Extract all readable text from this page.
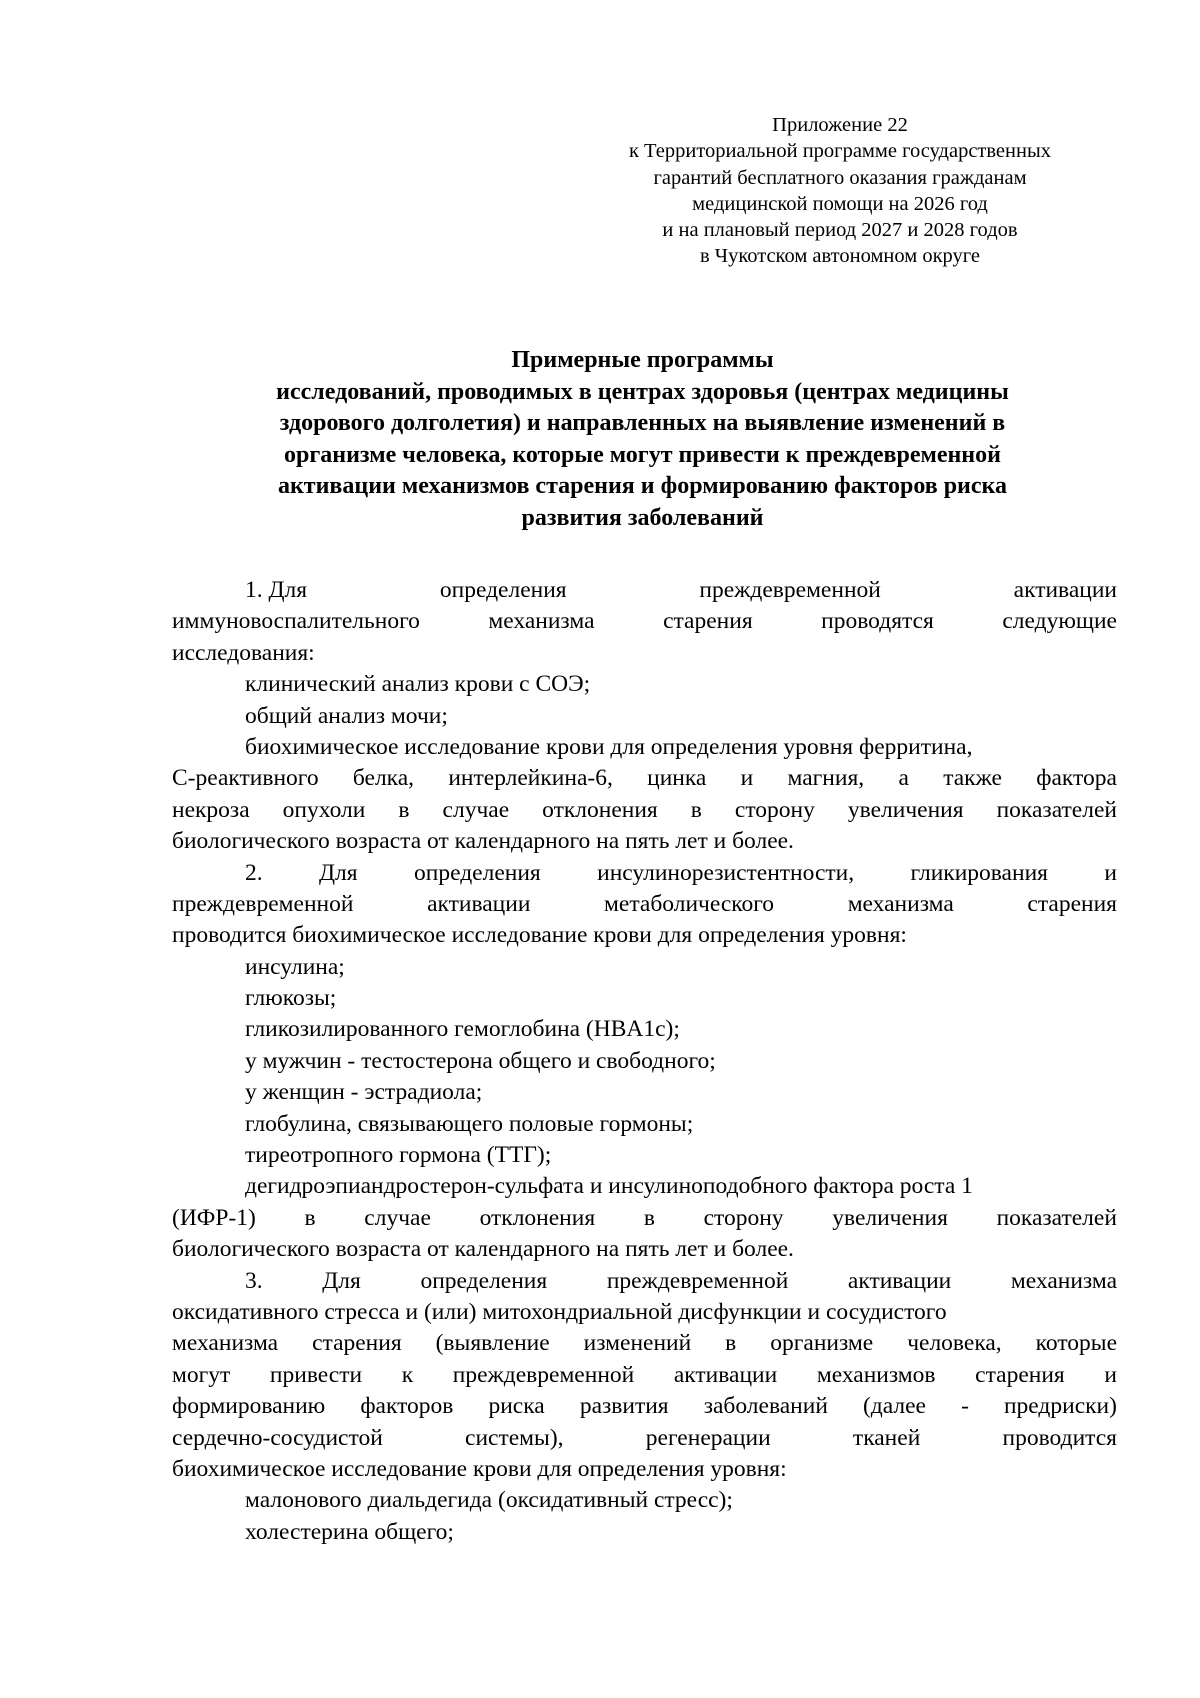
Приложение 22
к Территориальной программе государственных
гарантий бесплатного оказания гражданам
медицинской помощи на 2026 год
и на плановый период 2027 и 2028 годов
в Чукотском автономном округе
Примерные программы
исследований, проводимых в центрах здоровья (центрах медицины
здорового долголетия) и направленных на выявление изменений в
организме человека, которые могут привести к преждевременной
активации механизмов старения и формированию факторов риска
развития заболеваний
1. Для	определения	преждевременной	активации
иммуновоспалительного	механизма	старения	проводятся	следующие
исследования:
клинический анализ крови с СОЭ;
общий анализ мочи;
биохимическое исследование крови для определения уровня ферритина,
С-реактивного белка, интерлейкина-6, цинка и магния, а также фактора
некроза опухоли в случае отклонения в сторону увеличения показателей
биологического возраста от календарного на пять лет и более.
2. Для определения инсулинорезистентности, гликирования и
преждевременной	активации	метаболического	механизма	старения
проводится биохимическое исследование крови для определения уровня:
инсулина;
глюкозы;
гликозилированного гемоглобина (HBA1c);
у мужчин - тестостерона общего и свободного;
у женщин - эстрадиола;
глобулина, связывающего половые гормоны;
тиреотропного гормона (ТТГ);
дегидроэпиандростерон-сульфата и инсулиноподобного фактора роста 1
(ИФР-1) в случае отклонения в сторону увеличения показателей
биологического возраста от календарного на пять лет и более.
3.	Для	определения	преждевременной	активации	механизма
оксидативного стресса и (или) митохондриальной дисфункции и сосудистого
механизма старения (выявление изменений в организме человека, которые
могут привести к преждевременной активации механизмов старения и
формированию факторов риска развития заболеваний (далее - предриски)
сердечно-сосудистой	системы),	регенерации	тканей	проводится
биохимическое исследование крови для определения уровня:
малонового диальдегида (оксидативный стресс);
холестерина общего;
